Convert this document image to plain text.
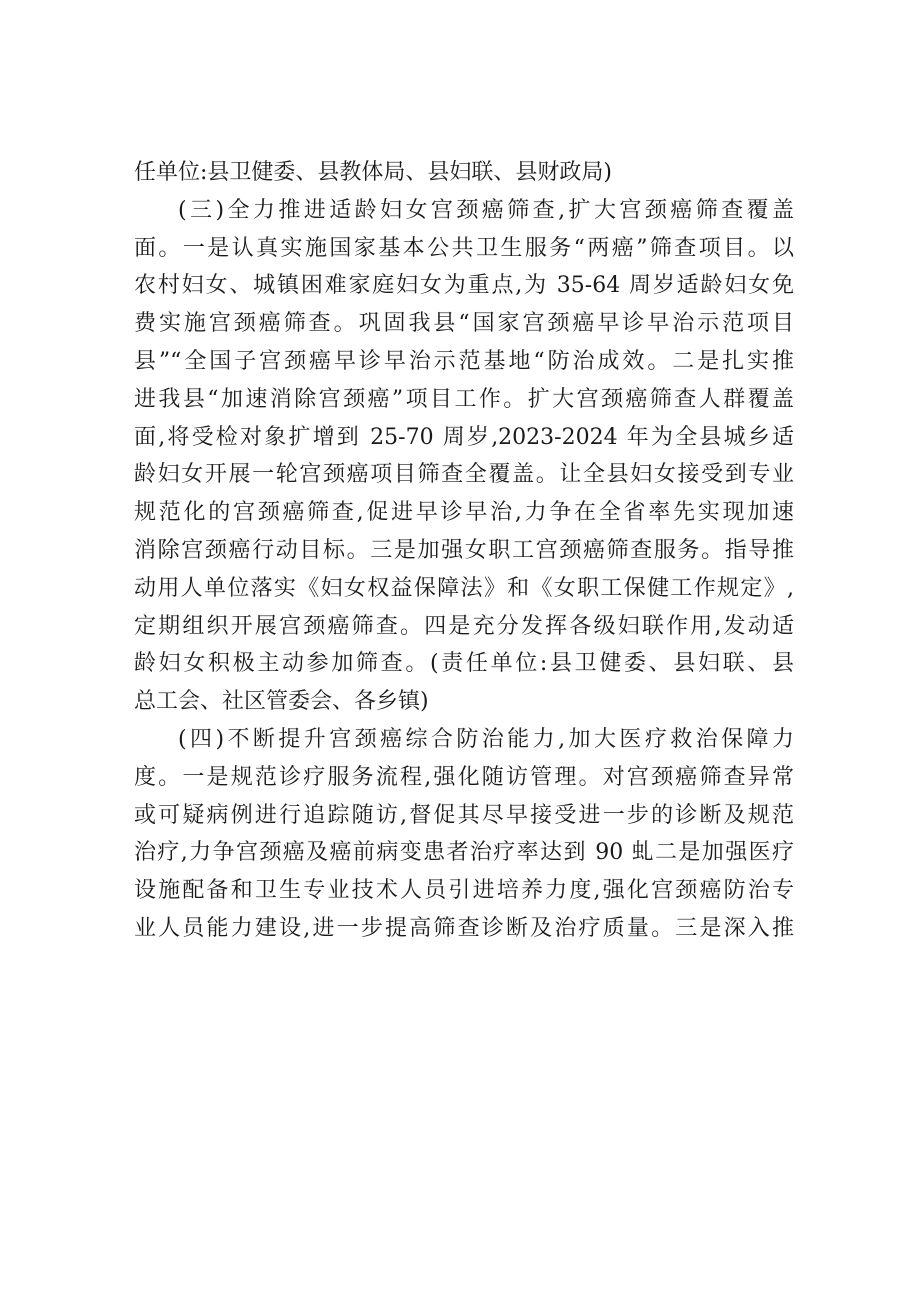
任单位:县卫健委、县教体局、县妇联、县财政局)
(三)全力推进适龄妇女宫颈癌筛查,扩大宫颈癌筛查覆盖
面。一是认真实施国家基本公共卫生服务“两癌”筛查项目。以
农村妇女、城镇困难家庭妇女为重点,为 35-64 周岁适龄妇女免
费实施宫颈癌筛查。巩固我县“国家宫颈癌早诊早治示范项目
县”“全国子宫颈癌早诊早治示范基地“防治成效。二是扎实推
进我县“加速消除宫颈癌”项目工作。扩大宫颈癌筛查人群覆盖
面,将受检对象扩增到 25-70 周岁,2023-2024 年为全县城乡适
龄妇女开展一轮宫颈癌项目筛查全覆盖。让全县妇女接受到专业
规范化的宫颈癌筛查,促进早诊早治,力争在全省率先实现加速
消除宫颈癌行动目标。三是加强女职工宫颈癌筛查服务。指导推
动用人单位落实《妇女权益保障法》和《女职工保健工作规定》,
定期组织开展宫颈癌筛查。四是充分发挥各级妇联作用,发动适
龄妇女积极主动参加筛查。(责任单位:县卫健委、县妇联、县
总工会、社区管委会、各乡镇)
(四)不断提升宫颈癌综合防治能力,加大医疗救治保障力
度。一是规范诊疗服务流程,强化随访管理。对宫颈癌筛查异常
或可疑病例进行追踪随访,督促其尽早接受进一步的诊断及规范
治疗,力争宫颈癌及癌前病变患者治疗率达到 90 虬二是加强医疗
设施配备和卫生专业技术人员引进培养力度,强化宫颈癌防治专
业人员能力建设,进一步提高筛查诊断及治疗质量。三是深入推
